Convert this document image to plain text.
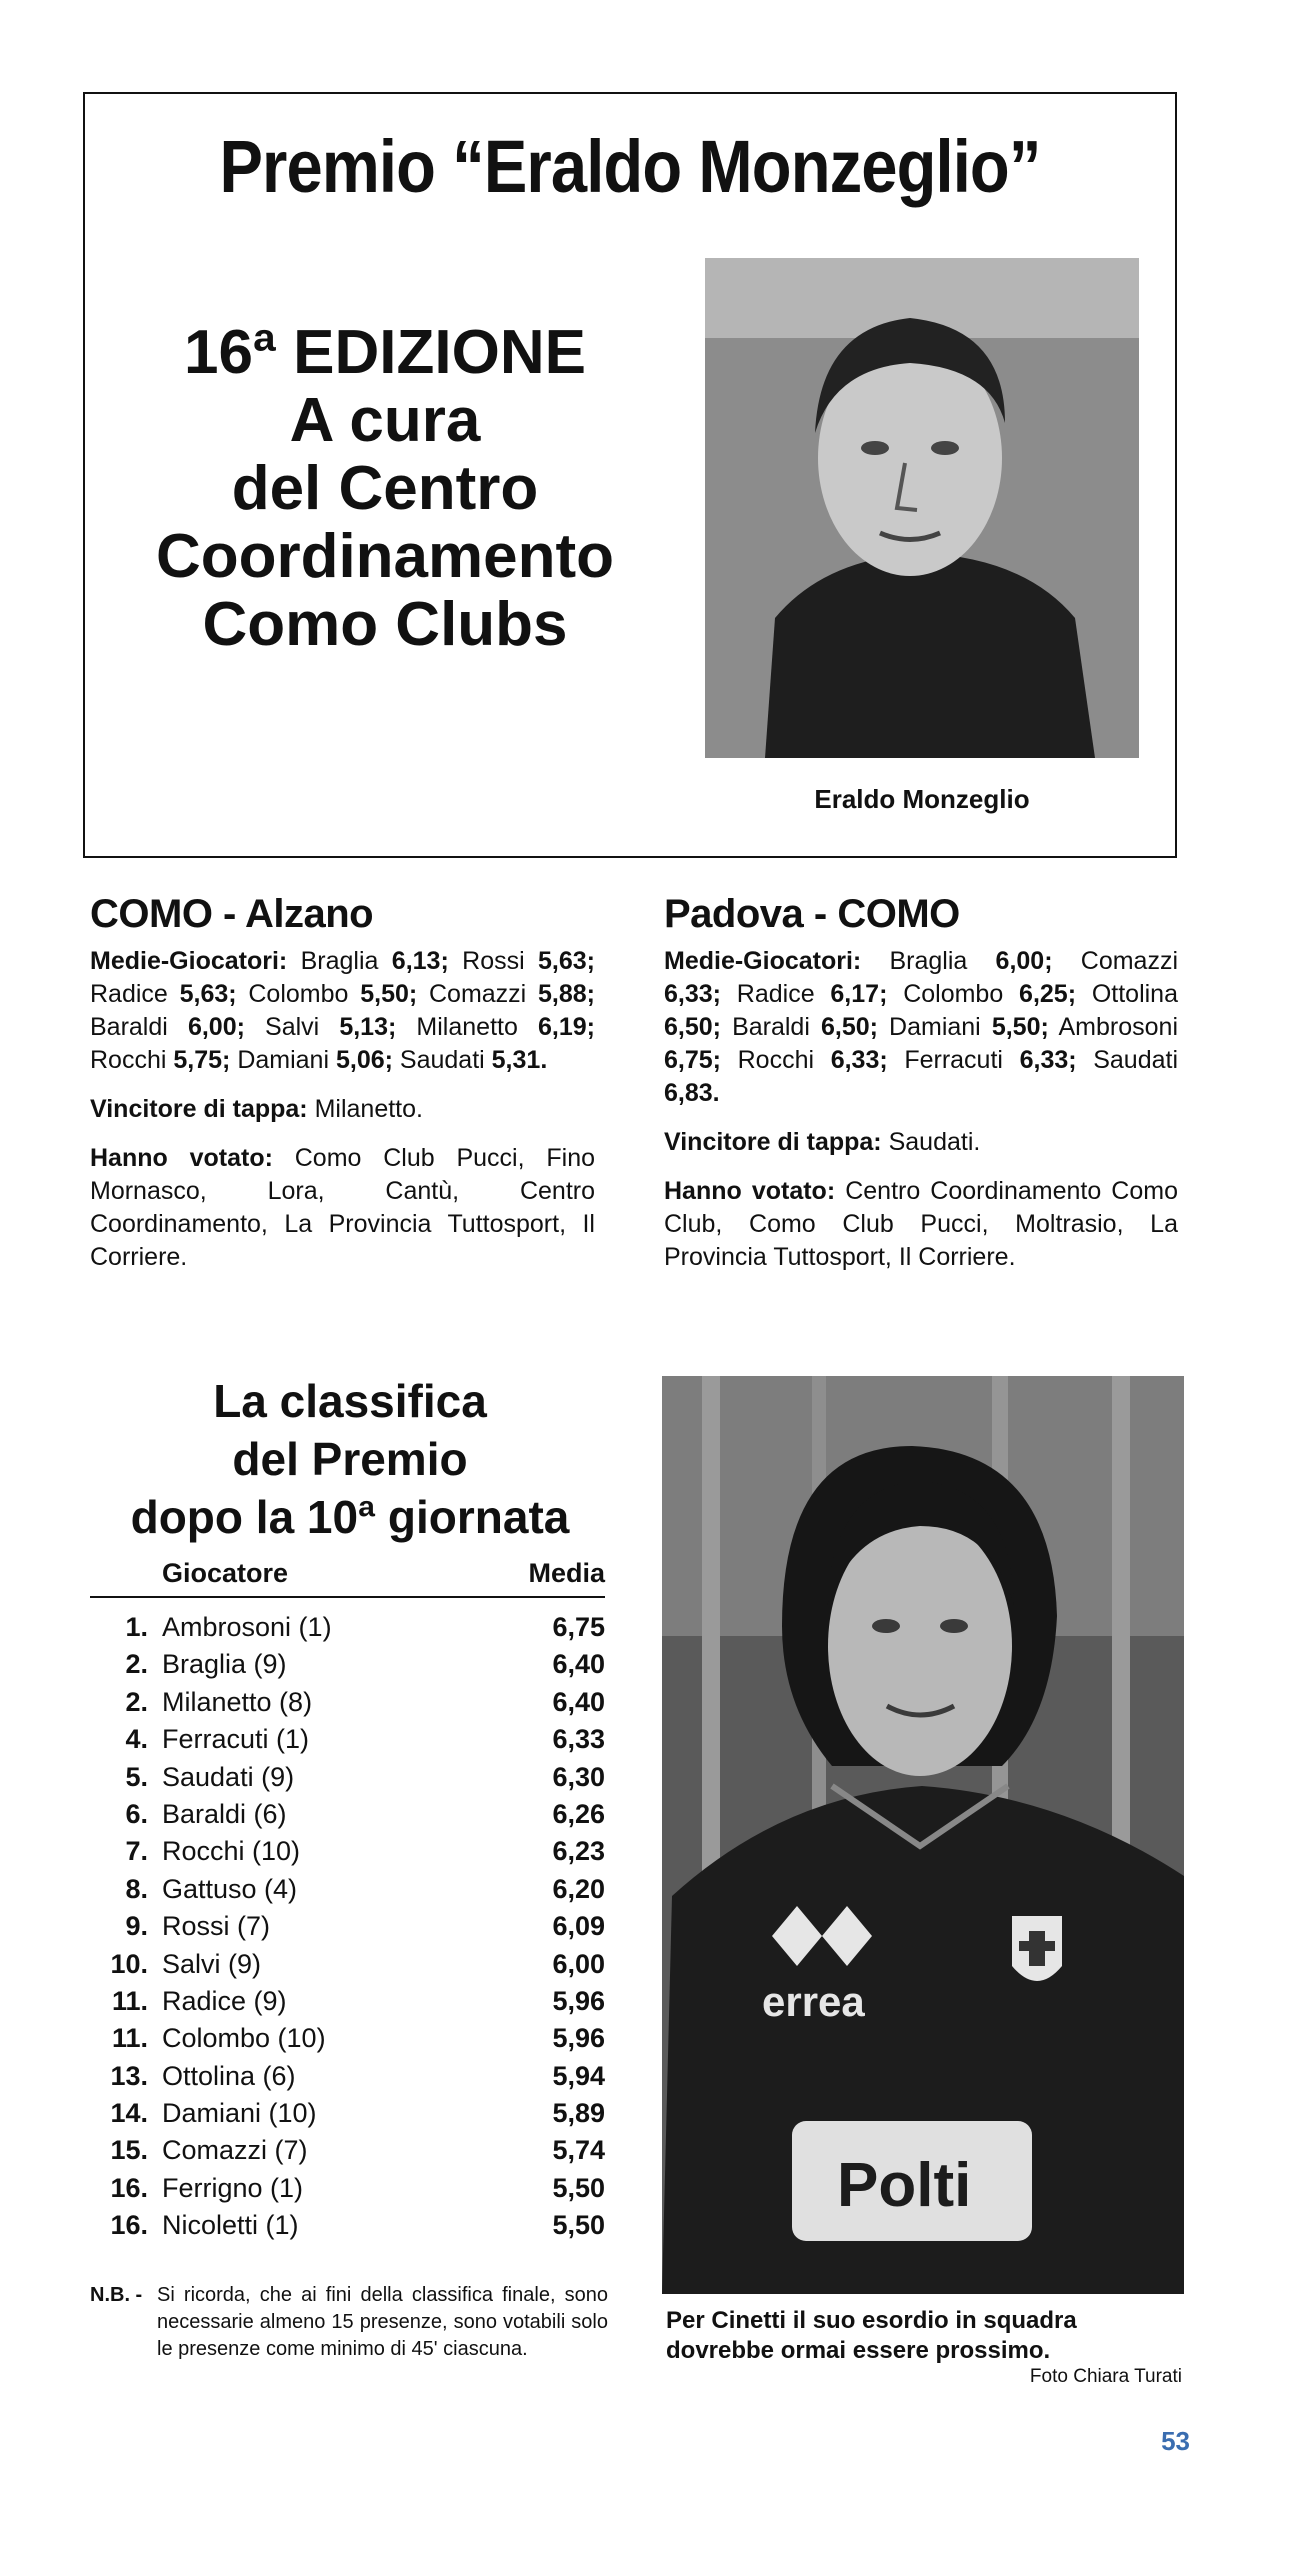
Premio “Eraldo Monzeglio”
16ª EDIZIONE
A cura
del Centro
Coordinamento
Como Clubs
Eraldo Monzeglio
COMO - Alzano

Medie-Giocatori: Braglia 6,13; Rossi 5,63; Radice 5,63; Colombo 5,50; Comazzi 5,88; Baraldi 6,00; Salvi 5,13; Milanetto 6,19; Rocchi 5,75; Damiani 5,06; Saudati 5,31.

Vincitore di tappa: Milanetto.

Hanno votato: Como Club Pucci, Fino Mornasco, Lora, Cantù, Centro Coordinamento, La Provincia Tuttosport, Il Corriere.

Padova - COMO

Medie-Giocatori: Braglia 6,00; Comazzi 6,33; Radice 6,17; Colombo 6,25; Ottolina 6,50; Baraldi 6,50; Damiani 5,50; Ambrosoni 6,75; Rocchi 6,33; Ferracuti 6,33; Saudati 6,83.

Vincitore di tappa: Saudati.

Hanno votato: Centro Coordinamento Como Club, Como Club Pucci, Moltrasio, La Provincia Tuttosport, Il Corriere.

La classifica
del Premio
dopo la 10ª giornata
Giocatore	Media
1. Ambrosoni (1)	6,75
2. Braglia (9)	6,40
2. Milanetto (8)	6,40
4. Ferracuti (1)	6,33
5. Saudati (9)	6,30
6. Baraldi (6)	6,26
7. Rocchi (10)	6,23
8. Gattuso (4)	6,20
9. Rossi (7)	6,09
10. Salvi (9)	6,00
11. Radice (9)	5,96
11. Colombo (10)	5,96
13. Ottolina (6)	5,94
14. Damiani (10)	5,89
15. Comazzi (7)	5,74
16. Ferrigno (1)	5,50
16. Nicoletti (1)	5,50
N.B. - Si ricorda, che ai fini della classifica finale, sono necessarie almeno 15 presenze, sono votabili solo le presenze come minimo di 45' ciascuna.
errea
Polti
Per Cinetti il suo esordio in squadra dovrebbe ormai essere prossimo.
Foto Chiara Turati
53
